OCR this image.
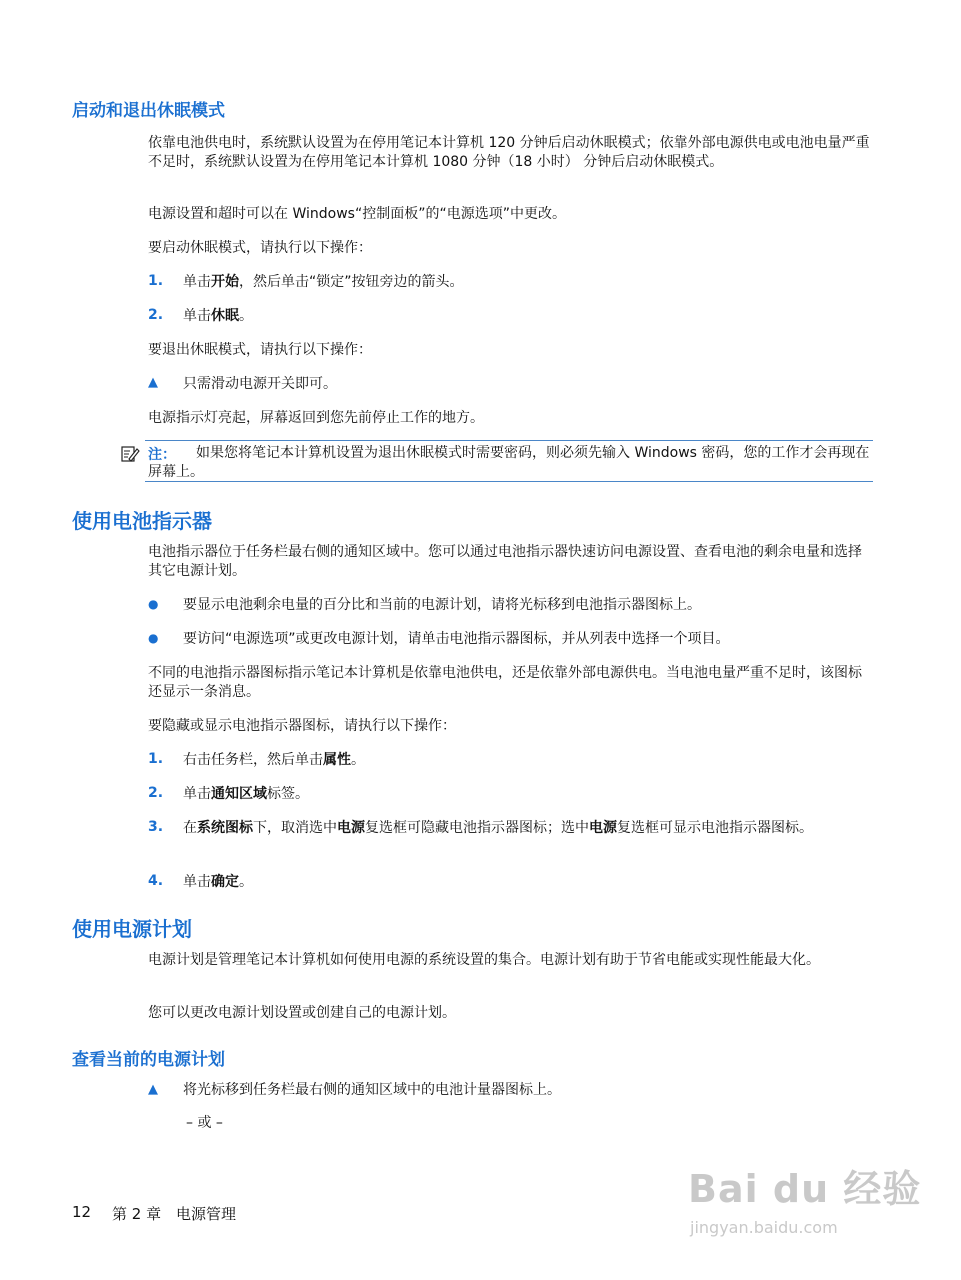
启动和退出休眠模式
依靠电池供电时，系统默认设置为在停用笔记本计算机 120 分钟后启动休眠模式；依靠外部电源供电或电池电量严重不足时，系统默认设置为在停用笔记本计算机 1080 分钟（18 小时） 分钟后启动休眠模式。
电源设置和超时可以在 Windows“控制面板”的“电源选项”中更改。
要启动休眠模式，请执行以下操作：
1. 单击开始，然后单击“锁定”按钮旁边的箭头。
2. 单击休眠。
要退出休眠模式，请执行以下操作：
▲ 只需滑动电源开关即可。
电源指示灯亮起，屏幕返回到您先前停止工作的地方。
注：	如果您将笔记本计算机设置为退出休眠模式时需要密码，则必须先输入 Windows 密码，您的工作才会再现在屏幕上。
使用电池指示器
电池指示器位于任务栏最右侧的通知区域中。您可以通过电池指示器快速访问电源设置、查看电池的剩余电量和选择其它电源计划。
● 要显示电池剩余电量的百分比和当前的电源计划，请将光标移到电池指示器图标上。
● 要访问“电源选项”或更改电源计划，请单击电池指示器图标，并从列表中选择一个项目。
不同的电池指示器图标指示笔记本计算机是依靠电池供电，还是依靠外部电源供电。当电池电量严重不足时，该图标还显示一条消息。
要隐藏或显示电池指示器图标，请执行以下操作：
1. 右击任务栏，然后单击属性。
2. 单击通知区域标签。
3. 在系统图标下，取消选中电源复选框可隐藏电池指示器图标；选中电源复选框可显示电池指示器图标。
4. 单击确定。
使用电源计划
电源计划是管理笔记本计算机如何使用电源的系统设置的集合。电源计划有助于节省电能或实现性能最大化。
您可以更改电源计划设置或创建自己的电源计划。
查看当前的电源计划
▲ 将光标移到任务栏最右侧的通知区域中的电池计量器图标上。
– 或 –
12 第 2 章 电源管理
Bai du 经验
jingyan.baidu.com
